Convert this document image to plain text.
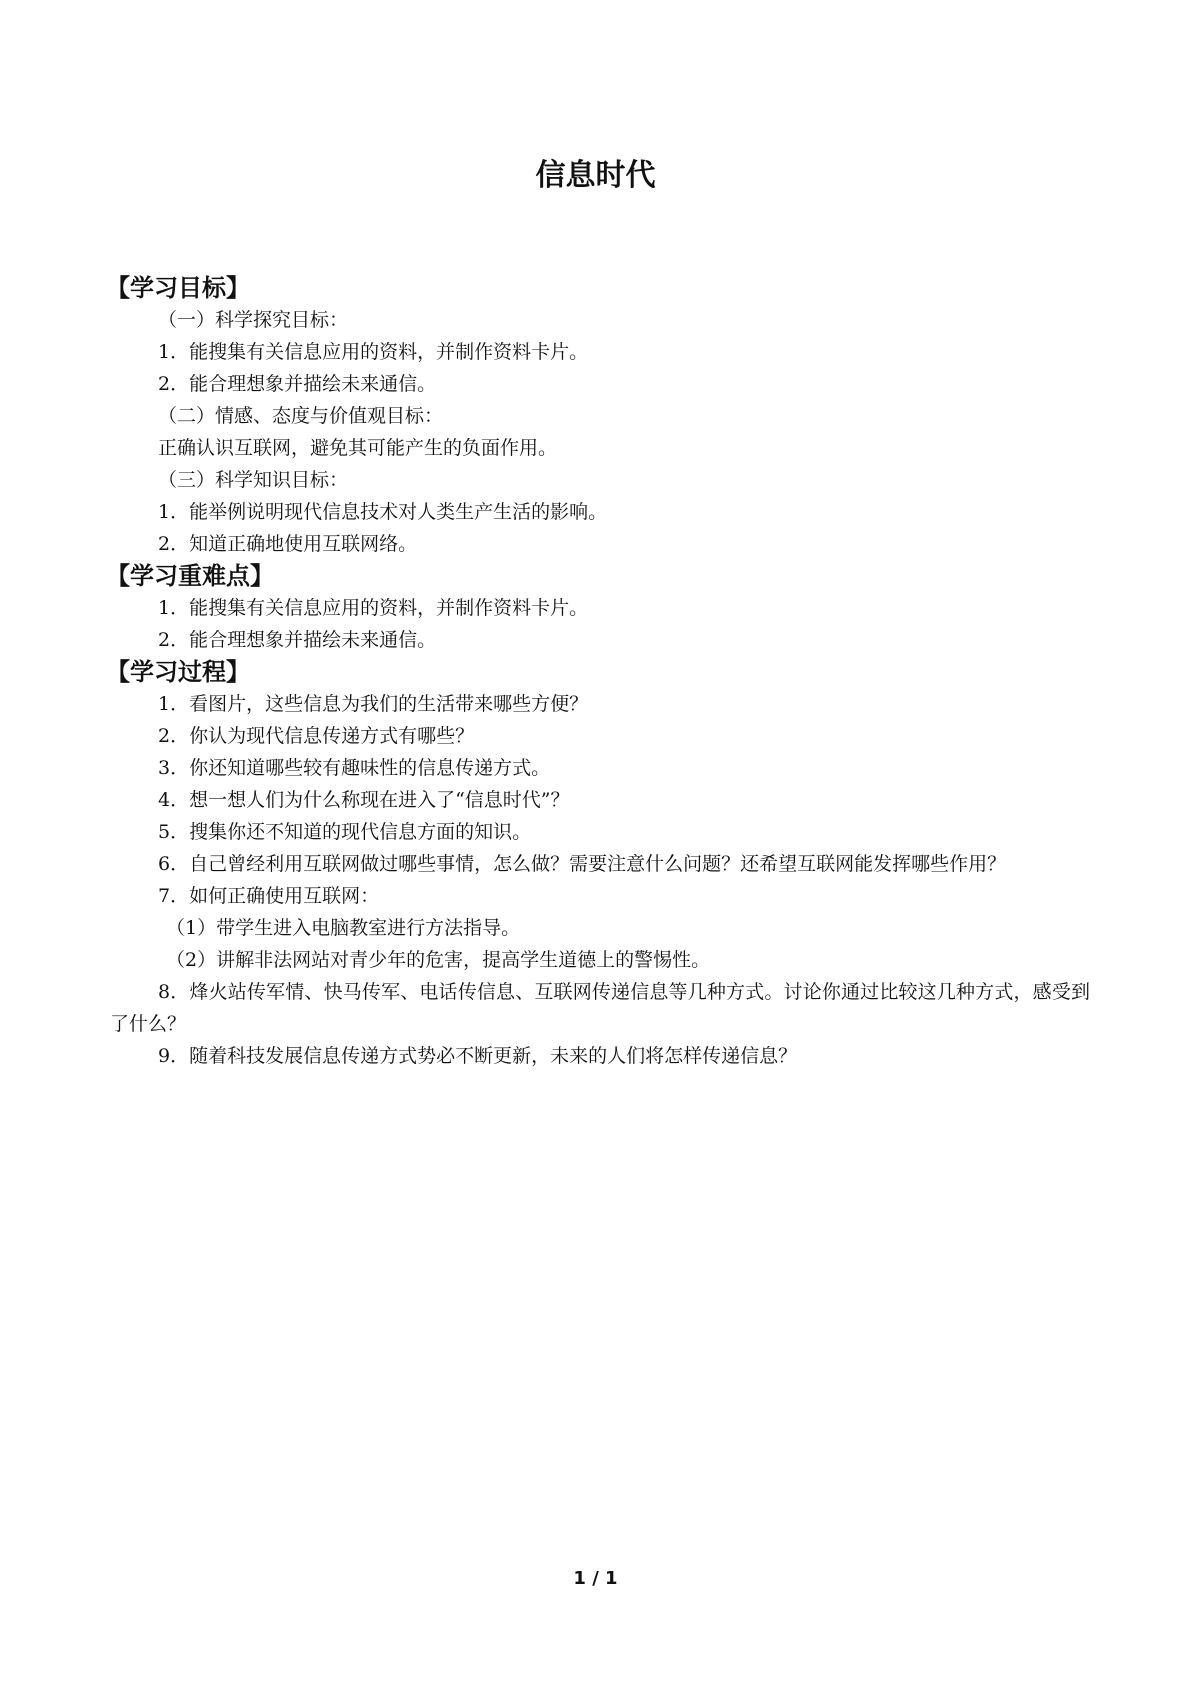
信息时代
【学习目标】
（一）科学探究目标：
1．能搜集有关信息应用的资料，并制作资料卡片。
2．能合理想象并描绘未来通信。
（二）情感、态度与价值观目标：
正确认识互联网，避免其可能产生的负面作用。
（三）科学知识目标：
1．能举例说明现代信息技术对人类生产生活的影响。
2．知道正确地使用互联网络。
【学习重难点】
1．能搜集有关信息应用的资料，并制作资料卡片。
2．能合理想象并描绘未来通信。
【学习过程】
1．看图片，这些信息为我们的生活带来哪些方便？
2．你认为现代信息传递方式有哪些？
3．你还知道哪些较有趣味性的信息传递方式。
4．想一想人们为什么称现在进入了“信息时代”？
5．搜集你还不知道的现代信息方面的知识。
6．自己曾经利用互联网做过哪些事情，怎么做？需要注意什么问题？还希望互联网能发挥哪些作用？
7．如何正确使用互联网：
（1）带学生进入电脑教室进行方法指导。
（2）讲解非法网站对青少年的危害，提高学生道德上的警惕性。
8．烽火站传军情、快马传军、电话传信息、互联网传递信息等几种方式。讨论你通过比较这几种方式，感受到了什么？
9．随着科技发展信息传递方式势必不断更新，未来的人们将怎样传递信息？
1 / 1
